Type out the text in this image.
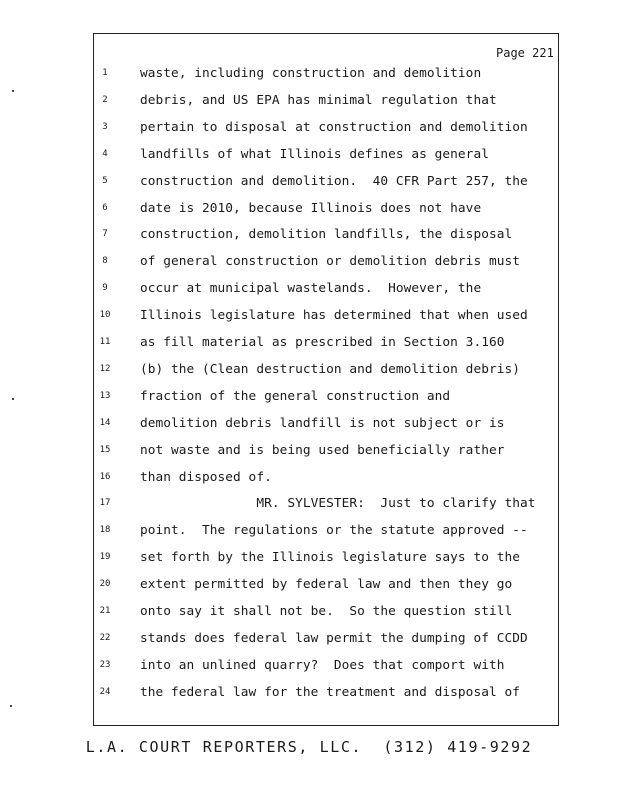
Page 221
1	waste, including construction and demolition
2	debris, and US EPA has minimal regulation that
3	pertain to disposal at construction and demolition
4	landfills of what Illinois defines as general
5	construction and demolition.  40 CFR Part 257, the
6	date is 2010, because Illinois does not have
7	construction, demolition landfills, the disposal
8	of general construction or demolition debris must
9	occur at municipal wastelands.  However, the
10 Illinois legislature has determined that when used
11 as fill material as prescribed in Section 3.160
12 (b) the (Clean destruction and demolition debris)
13 fraction of the general construction and
14 demolition debris landfill is not subject or is
15 not waste and is being used beneficially rather
16 than disposed of.
17 MR. SYLVESTER:  Just to clarify that
18 point.  The regulations or the statute approved --
19 set forth by the Illinois legislature says to the
20 extent permitted by federal law and then they go
21 onto say it shall not be.  So the question still
22 stands does federal law permit the dumping of CCDD
23 into an unlined quarry?  Does that comport with
24 the federal law for the treatment and disposal of
L.A. COURT REPORTERS, LLC.  (312) 419-9292
